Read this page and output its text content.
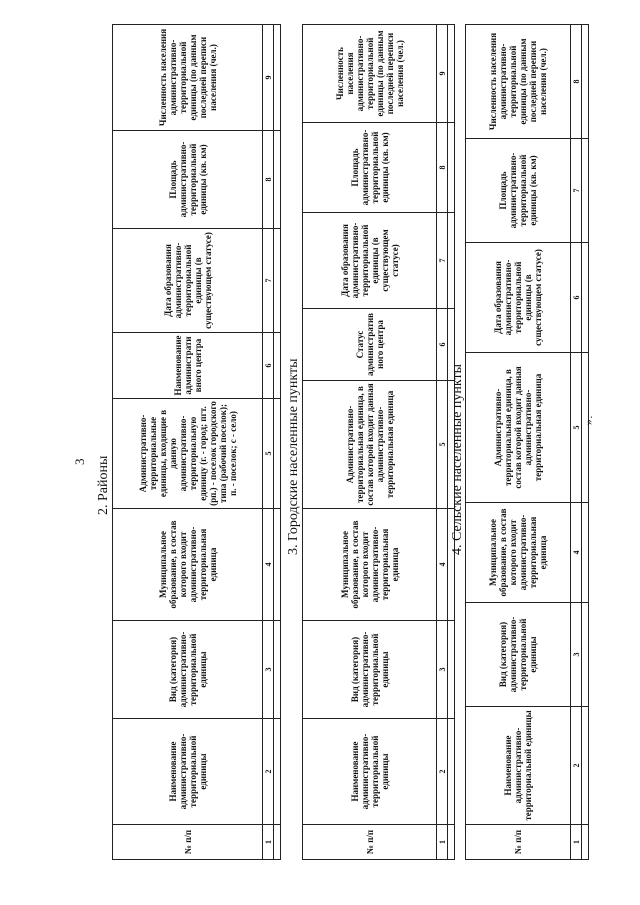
3 2. Районы
№ п/п	Наименование административно-территориальной единицы	Вид (категория) административно-территориальной единицы	Муниципальное образование, в состав которого входит административно-территориальная единица	Административно-территориальные единицы, входящие в данную административно-территориальную единицу (г. - город; пгт. (рп.) - поселок городского типа (рабочий поселок); п. - поселок; с - село)	Наименование административного центра	Дата образования административно-территориальной единицы (в существующем статусе)	Площадь административно-территориальной единицы (кв. км)	Численность населения административно-территориальной единицы (по данным последней переписи населения (чел.)
1	2	3	4	5	6	7	8	9

3. Городские населенные пункты
№ п/п	Наименование административно-территориальной единицы	Вид (категория) административно-территориальной единицы	Муниципальное образование, в состав которого входит административно-территориальная единица	Административно-территориальная единица, в состав которой входит данная административно-территориальная единица	Статус административного центра	Дата образования административно-территориальной единицы (в существующем статусе)	Площадь административно-территориальной единицы (кв. км)	Численность населения административно-территориальной единицы (по данным последней переписи населения (чел.)
1	2	3	4	5	6	7	8	9

4. Сельские населенные пункты
№ п/п	Наименование административно-территориальной единицы	Вид (категория) административно-территориальной единицы	Муниципальное образование, в состав которого входит административно-территориальная единица	Административно-территориальная единица, в состав которой входит данная административно-территориальная единица	Дата образования административно-территориальной единицы (в существующем статусе)	Площадь административно-территориальной единицы (кв. км)	Численность населения административно-территориальной единицы (по данным последней переписи населения (чел.)
1	2	3	4	5	6	7	8

».
